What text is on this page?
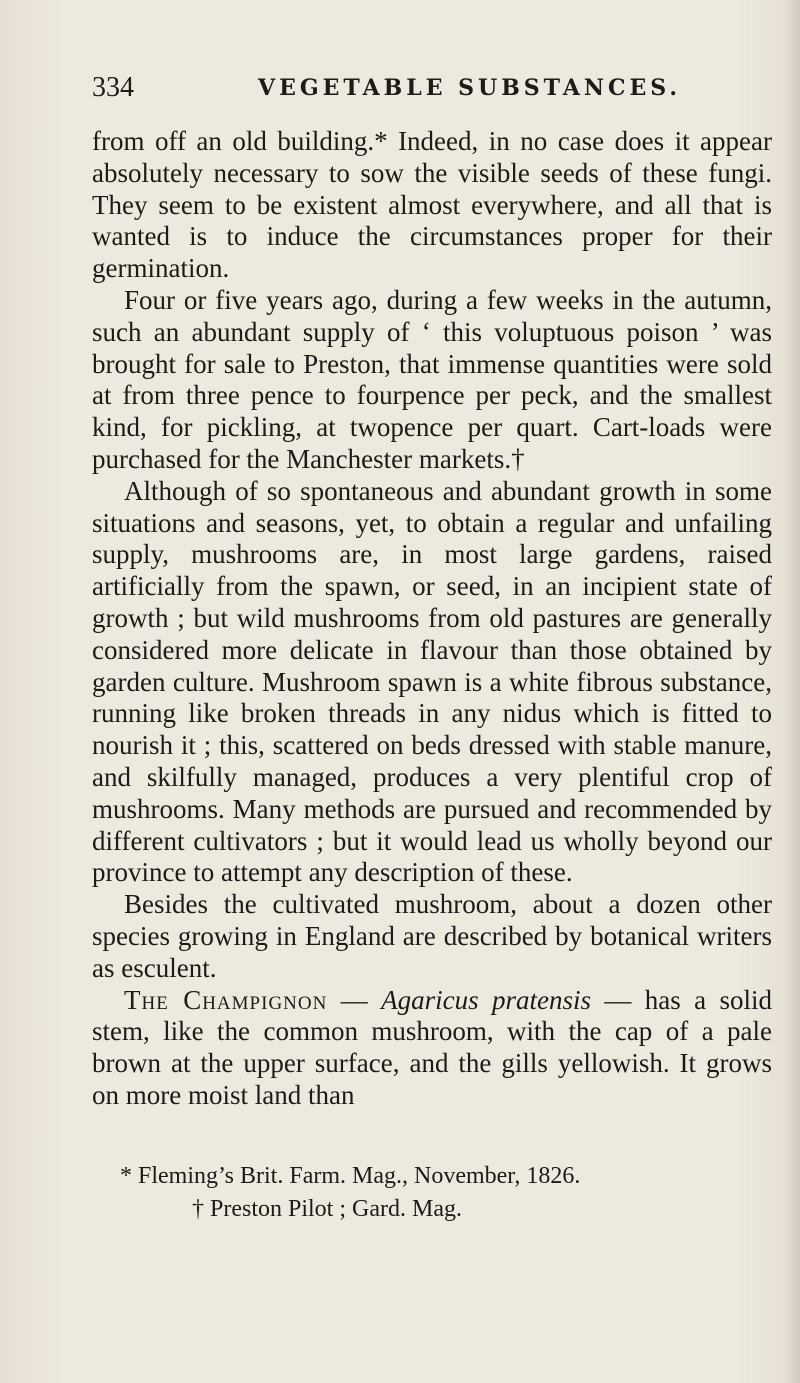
334	VEGETABLE SUBSTANCES.

from off an old building.* Indeed, in no case does it appear absolutely necessary to sow the visible seeds of these fungi. They seem to be existent almost everywhere, and all that is wanted is to induce the circumstances proper for their germination.

Four or five years ago, during a few weeks in the autumn, such an abundant supply of ‘ this voluptuous poison ’ was brought for sale to Preston, that immense quantities were sold at from three pence to fourpence per peck, and the smallest kind, for pickling, at twopence per quart. Cart-loads were purchased for the Manchester markets.†

Although of so spontaneous and abundant growth in some situations and seasons, yet, to obtain a regular and unfailing supply, mushrooms are, in most large gardens, raised artificially from the spawn, or seed, in an incipient state of growth ; but wild mushrooms from old pastures are generally considered more delicate in flavour than those obtained by garden culture. Mushroom spawn is a white fibrous substance, running like broken threads in any nidus which is fitted to nourish it ; this, scattered on beds dressed with stable manure, and skilfully managed, produces a very plentiful crop of mushrooms. Many methods are pursued and recommended by different cultivators ; but it would lead us wholly beyond our province to attempt any description of these.

Besides the cultivated mushroom, about a dozen other species growing in England are described by botanical writers as esculent.

The Champignon — Agaricus pratensis — has a solid stem, like the common mushroom, with the cap of a pale brown at the upper surface, and the gills yellowish. It grows on more moist land than

* Fleming’s Brit. Farm. Mag., November, 1826.
† Preston Pilot ; Gard. Mag.
